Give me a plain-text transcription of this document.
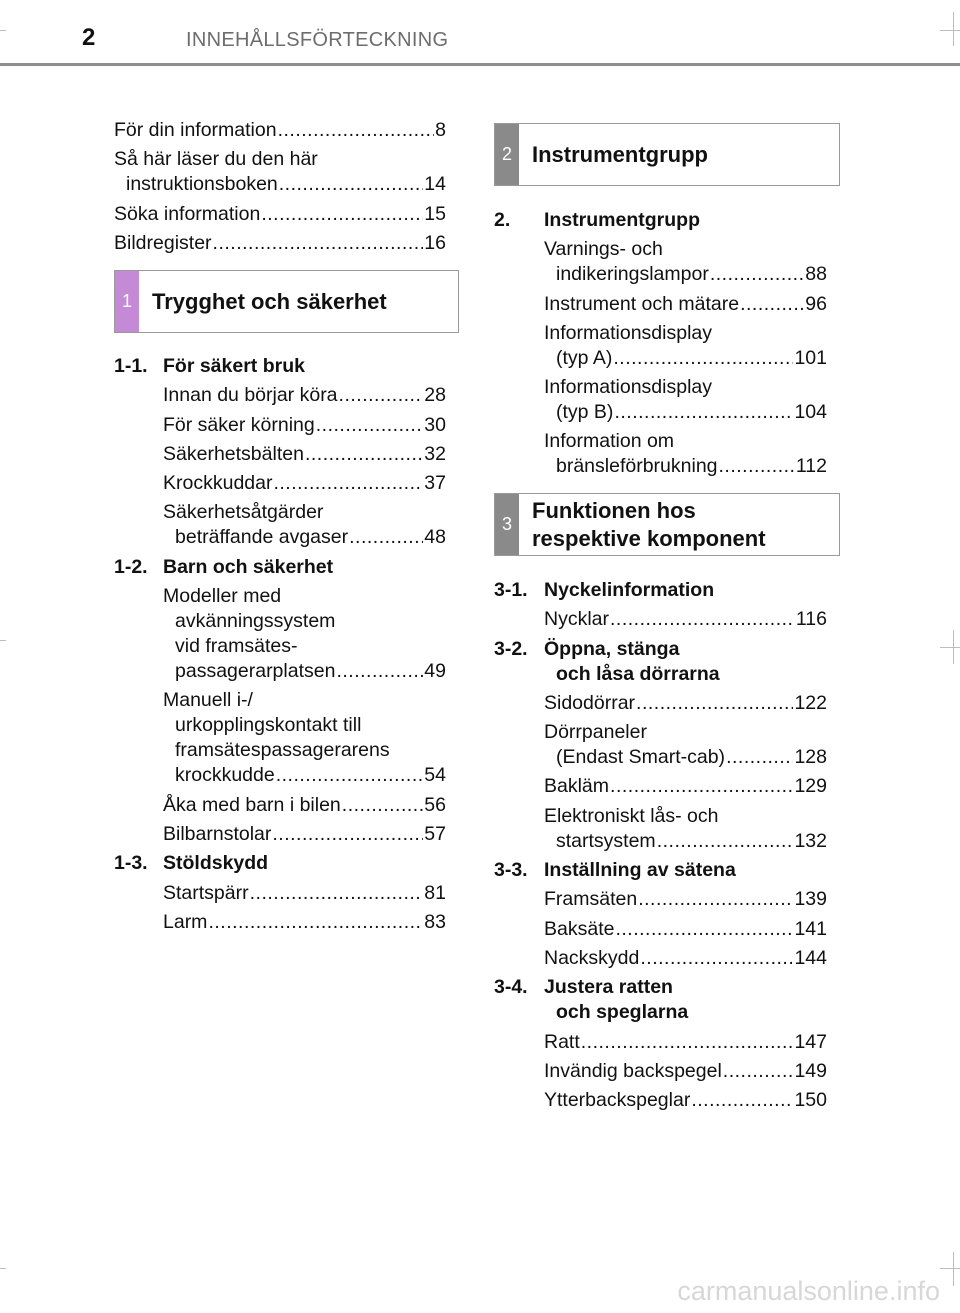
2	INNEHÅLLSFÖRTECKNING
För din information .....	8
Så här läser du den här
instruktionsboken .....	14
Söka information .....	15
Bildregister .....	16
1 Trygghet och säkerhet
1-1. För säkert bruk
Innan du börjar köra .....	28
För säker körning .....	30
Säkerhetsbälten .....	32
Krockkuddar .....	37
Säkerhetsåtgärder
beträffande avgaser .....	48
1-2. Barn och säkerhet
Modeller med
avkänningssystem
vid framsätes-
passagerarplatsen .....	49
Manuell i-/
urkopplingskontakt till
framsätespassagerarens
krockkudde .....	54
Åka med barn i bilen .....	56
Bilbarnstolar .....	57
1-3. Stöldskydd
Startspärr .....	81
Larm .....	83
2 Instrumentgrupp
2. Instrumentgrupp
Varnings- och
indikeringslampor .....	88
Instrument och mätare .....	96
Informationsdisplay
(typ A) .....	101
Informationsdisplay
(typ B) .....	104
Information om
bränsleförbrukning .....	112
3
Funktionen hos
respektive komponent
3-1. Nyckelinformation
Nycklar .....	116
3-2. Öppna, stänga
och låsa dörrarna
Sidodörrar .....	122
Dörrpaneler
(Endast Smart-cab) .....	128
Bakläm .....	129
Elektroniskt lås- och
startsystem .....	132
3-3. Inställning av sätena
Framsäten .....	139
Baksäte .....	141
Nackskydd .....	144
3-4. Justera ratten
och speglarna
Ratt .....	147
Invändig backspegel .....	149
Ytterbackspeglar .....	150
carmanualsonline.info
